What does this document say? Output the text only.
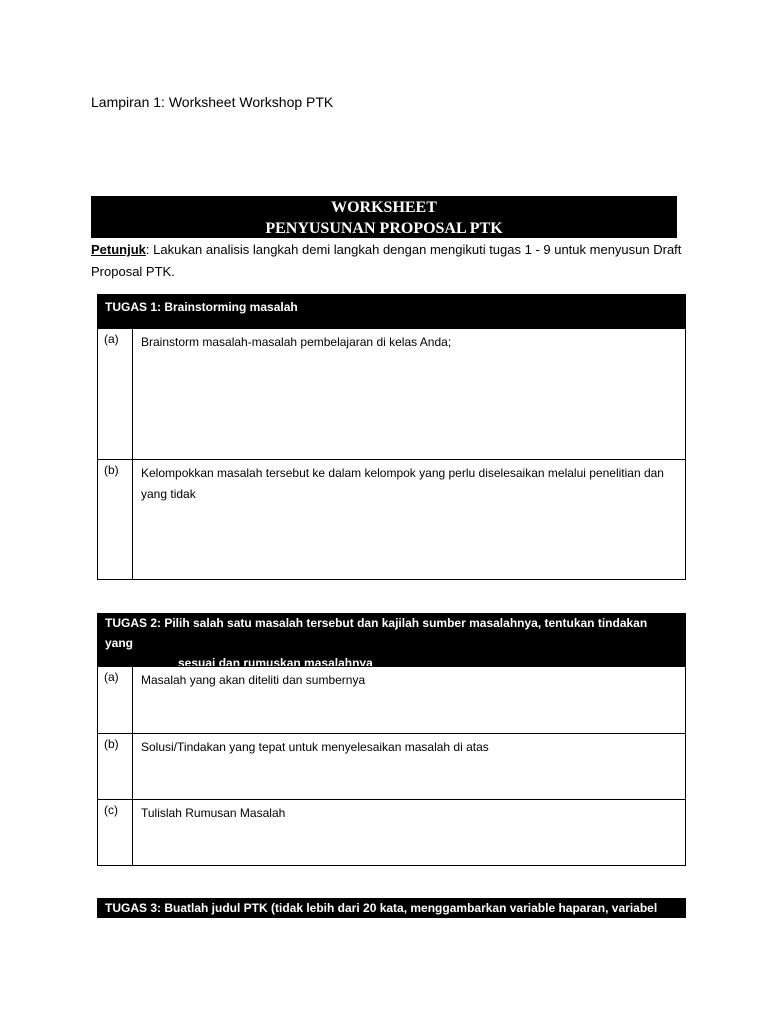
Lampiran 1: Worksheet Workshop PTK
WORKSHEET
PENYUSUNAN PROPOSAL PTK
Petunjuk: Lakukan analisis langkah demi langkah dengan mengikuti tugas 1 - 9 untuk menyusun Draft Proposal PTK.
TUGAS 1: Brainstorming masalah
(a)	Brainstorm masalah-masalah pembelajaran di kelas Anda;
(b)	Kelompokkan masalah tersebut ke dalam kelompok yang perlu diselesaikan melalui penelitian dan yang tidak
TUGAS 2: Pilih salah satu masalah tersebut dan kajilah sumber masalahnya, tentukan tindakan yang
sesuai dan rumuskan masalahnya
(a)	Masalah yang akan diteliti dan sumbernya
(b)	Solusi/Tindakan yang tepat untuk menyelesaikan masalah di atas
(c)	Tulislah Rumusan Masalah
TUGAS 3: Buatlah judul PTK (tidak lebih dari 20 kata, menggambarkan variable haparan, variabel
